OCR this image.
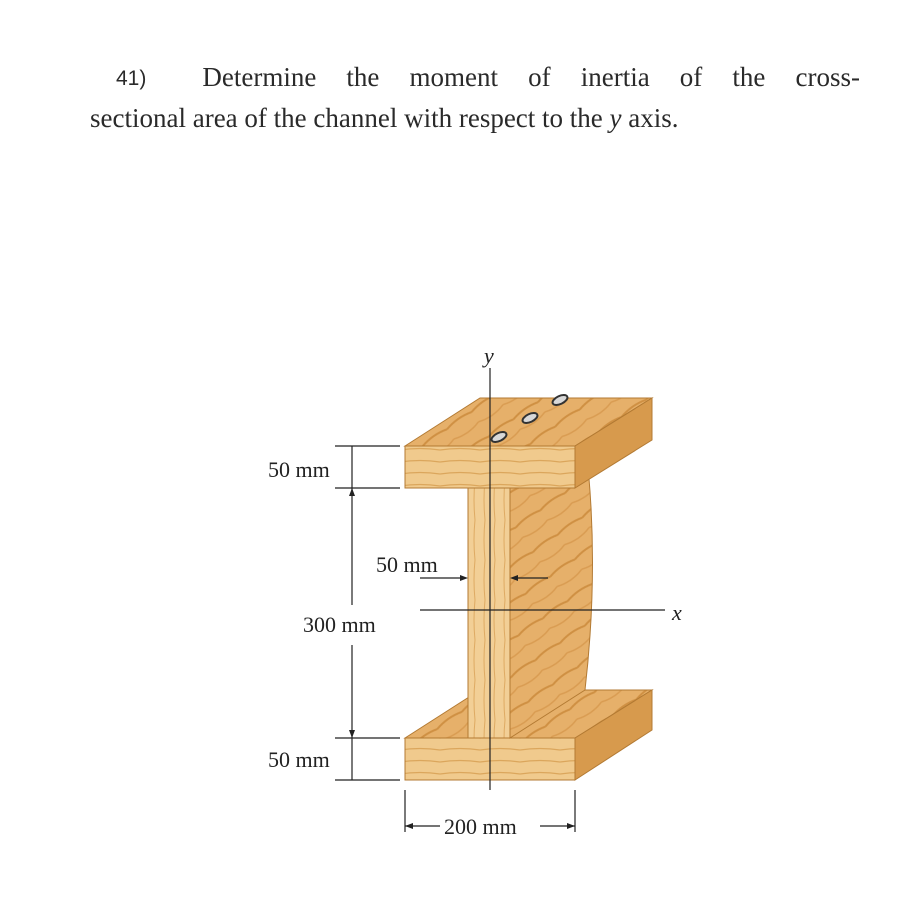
41) Determine the moment of inertia of the cross-
sectional area of the channel with respect to the y axis.
y
x
50 mm
50 mm
300 mm
50 mm
200 mm
